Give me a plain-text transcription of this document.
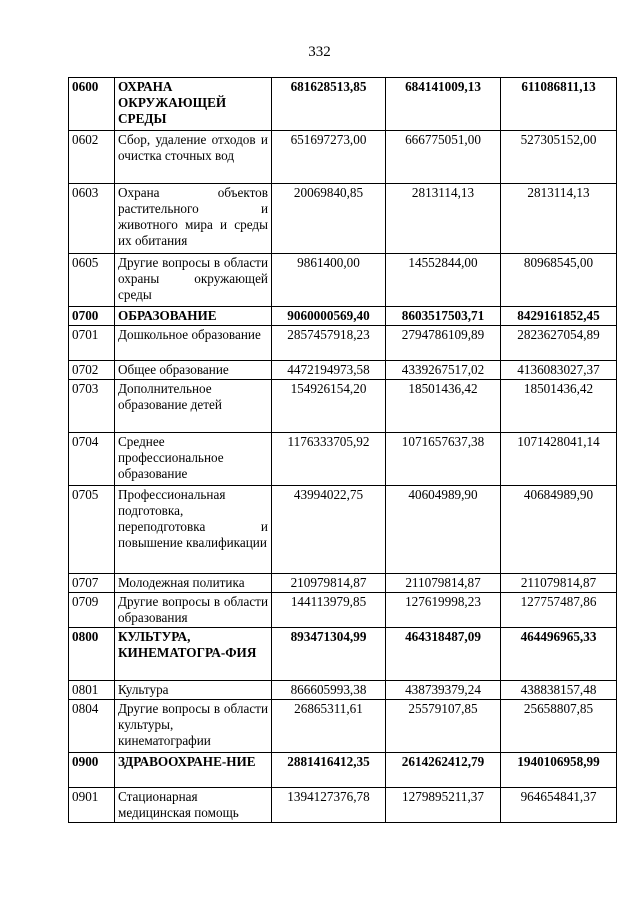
332
0600	ОХРАНА ОКРУЖАЮЩЕЙ СРЕДЫ	681628513,85	684141009,13	611086811,13
0602	Сбор, удаление отходов и очистка сточных вод	651697273,00	666775051,00	527305152,00
0603	Охрана объектов растительного и животного мира и среды их обитания	20069840,85	2813114,13	2813114,13
0605	Другие вопросы в области охраны окружающей среды	9861400,00	14552844,00	80968545,00
0700	ОБРАЗОВАНИЕ	9060000569,40	8603517503,71	8429161852,45
0701	Дошкольное образование	2857457918,23	2794786109,89	2823627054,89
0702	Общее образование	4472194973,58	4339267517,02	4136083027,37
0703	Дополнительное образование детей	154926154,20	18501436,42	18501436,42
0704	Среднее профессиональное образование	1176333705,92	1071657637,38	1071428041,14
0705	Профессиональная подготовка, переподготовка и повышение квалификации	43994022,75	40604989,90	40684989,90
0707	Молодежная политика	210979814,87	211079814,87	211079814,87
0709	Другие вопросы в области образования	144113979,85	127619998,23	127757487,86
0800	КУЛЬТУРА, КИНЕМАТОГРА-ФИЯ	893471304,99	464318487,09	464496965,33
0801	Культура	866605993,38	438739379,24	438838157,48
0804	Другие вопросы в области культуры, кинематографии	26865311,61	25579107,85	25658807,85
0900	ЗДРАВООХРАНЕ-НИЕ	2881416412,35	2614262412,79	1940106958,99
0901	Стационарная медицинская помощь	1394127376,78	1279895211,37	964654841,37
